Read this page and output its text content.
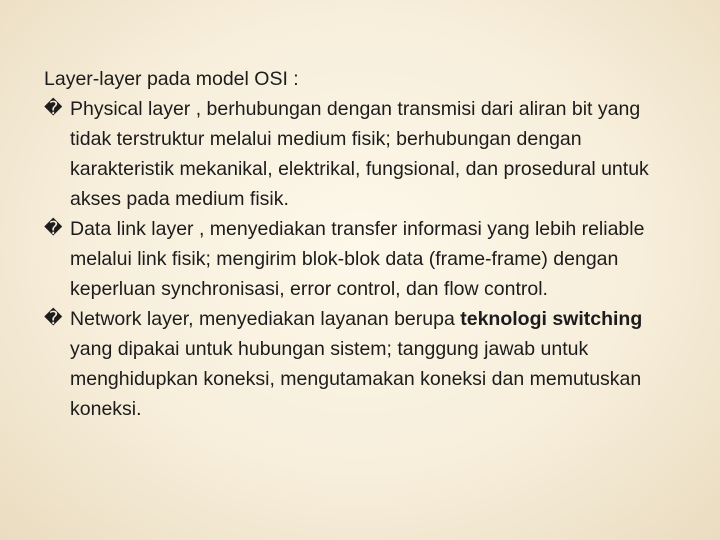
Layer-layer pada model OSI :

� Physical layer , berhubungan dengan transmisi dari aliran bit yang tidak terstruktur melalui medium fisik; berhubungan dengan karakteristik mekanikal, elektrikal, fungsional, dan prosedural untuk akses pada medium fisik.

� Data link layer , menyediakan transfer informasi yang lebih reliable melalui link fisik; mengirim blok-blok data (frame-frame) dengan keperluan synchronisasi, error control, dan flow control.

� Network layer, menyediakan layanan berupa teknologi switching yang dipakai untuk hubungan sistem; tanggung jawab untuk menghidupkan koneksi, mengutamakan koneksi dan memutuskan koneksi.
